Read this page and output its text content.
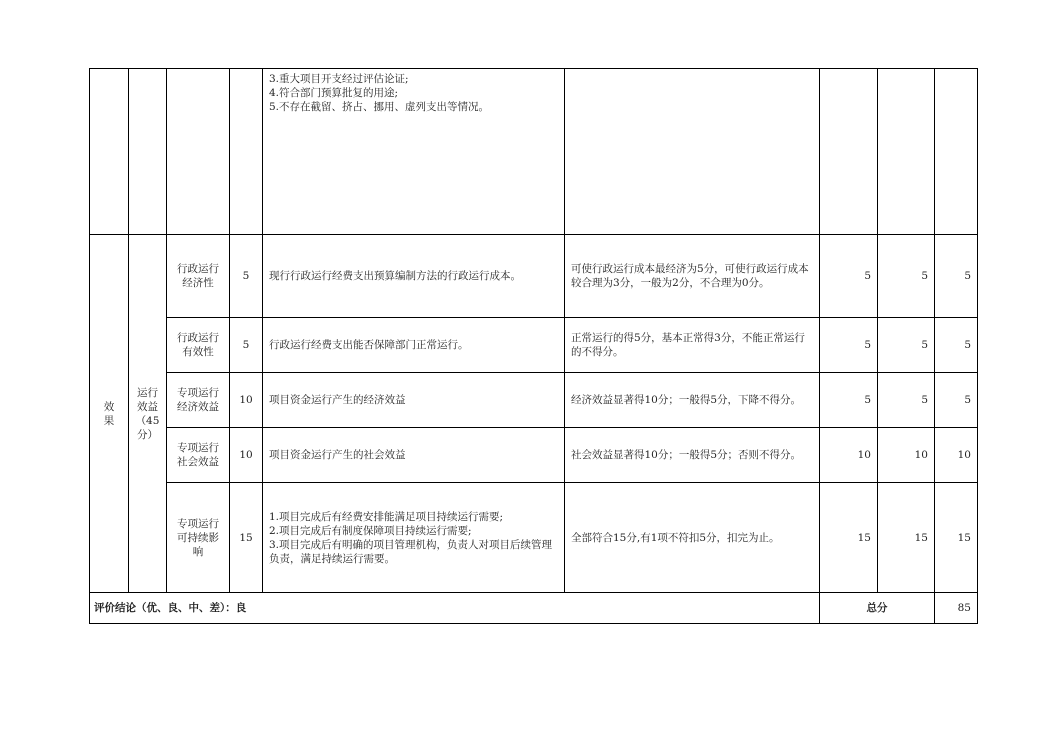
				3.重大项目开支经过评估论证;
4.符合部门预算批复的用途;
5.不存在截留、挤占、挪用、虚列支出等情况。				

效果	运行
效益
（45
分）	行政运行经济性	5	现行行政运行经费支出预算编制方法的行政运行成本。	可使行政运行成本最经济为5分，可使行政运行成本较合理为3分，一般为2分，不合理为0分。	5	5	5

		行政运行有效性	5	行政运行经费支出能否保障部门正常运行。	正常运行的得5分，基本正常得3分，不能正常运行的不得分。	5	5	5

		专项运行经济效益	10	项目资金运行产生的经济效益	经济效益显著得10分；一般得5分，下降不得分。	5	5	5

		专项运行社会效益	10	项目资金运行产生的社会效益	社会效益显著得10分；一般得5分；否则不得分。	10	10	10

		专项运行可持续影响	15	1.项目完成后有经费安排能满足项目持续运行需要;
2.项目完成后有制度保障项目持续运行需要;
3.项目完成后有明确的项目管理机构，负责人对项目后续管理负责，满足持续运行需要。	全部符合15分,有1项不符扣5分，扣完为止。	15	15	15
评价结论（优、良、中、差）：良						总分		85
